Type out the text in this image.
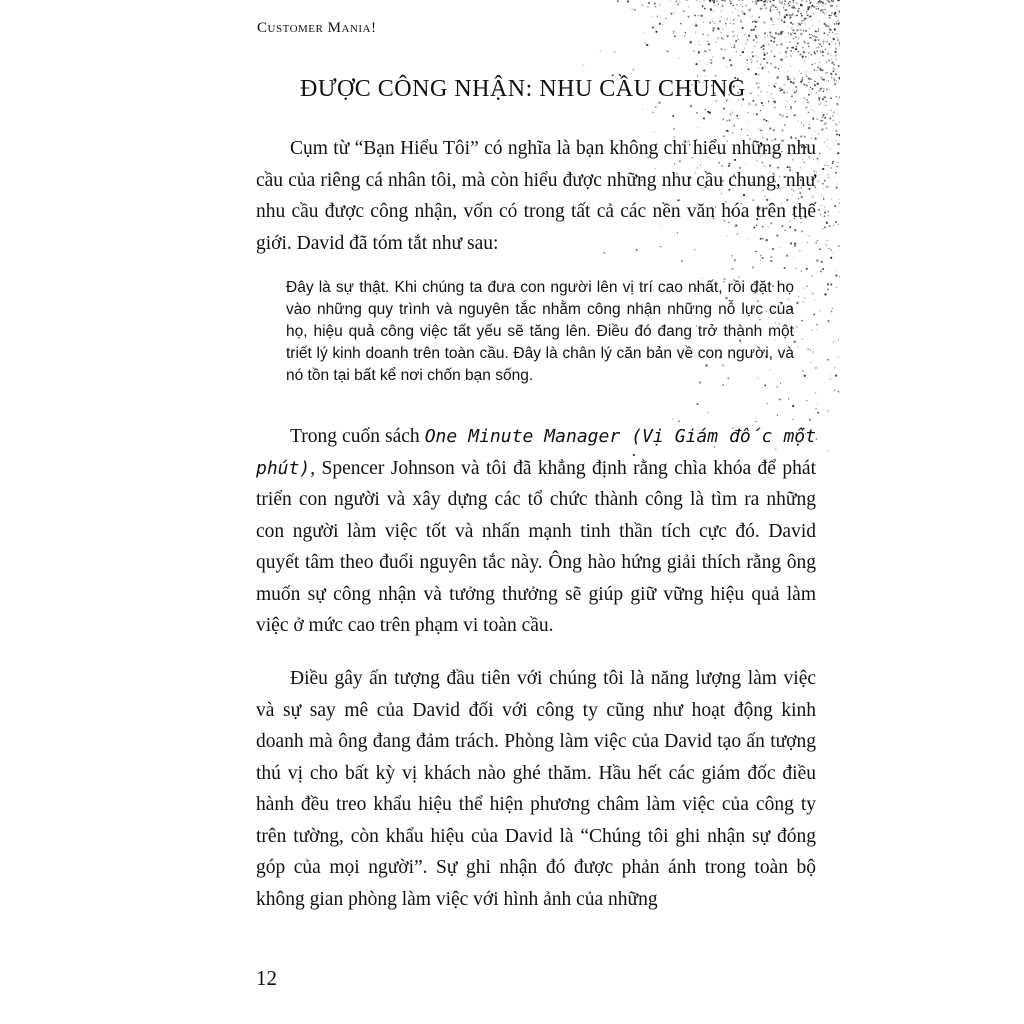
Customer Mania!
ĐƯỢC CÔNG NHẬN: NHU CẦU CHUNG

Cụm từ “Bạn Hiểu Tôi” có nghĩa là bạn không chỉ hiểu những nhu cầu của riêng cá nhân tôi, mà còn hiểu được những nhu cầu chung, như nhu cầu được công nhận, vốn có trong tất cả các nền văn hóa trên thế giới. David đã tóm tắt như sau:

Đây là sự thật. Khi chúng ta đưa con người lên vị trí cao nhất, rồi đặt họ vào những quy trình và nguyên tắc nhằm công nhận những nỗ lực của họ, hiệu quả công việc tất yếu sẽ tăng lên. Điều đó đang trở thành một triết lý kinh doanh trên toàn cầu. Đây là chân lý căn bản về con người, và nó tồn tại bất kể nơi chốn bạn sống.

Trong cuốn sách One Minute Manager (Vị Giám đốc một phút), Spencer Johnson và tôi đã khẳng định rằng chìa khóa để phát triển con người và xây dựng các tổ chức thành công là tìm ra những con người làm việc tốt và nhấn mạnh tinh thần tích cực đó. David quyết tâm theo đuổi nguyên tắc này. Ông hào hứng giải thích rằng ông muốn sự công nhận và tưởng thưởng sẽ giúp giữ vững hiệu quả làm việc ở mức cao trên phạm vi toàn cầu.

Điều gây ấn tượng đầu tiên với chúng tôi là năng lượng làm việc và sự say mê của David đối với công ty cũng như hoạt động kinh doanh mà ông đang đảm trách. Phòng làm việc của David tạo ấn tượng thú vị cho bất kỳ vị khách nào ghé thăm. Hầu hết các giám đốc điều hành đều treo khẩu hiệu thể hiện phương châm làm việc của công ty trên tường, còn khẩu hiệu của David là “Chúng tôi ghi nhận sự đóng góp của mọi người”. Sự ghi nhận đó được phản ánh trong toàn bộ không gian phòng làm việc với hình ảnh của những

12
